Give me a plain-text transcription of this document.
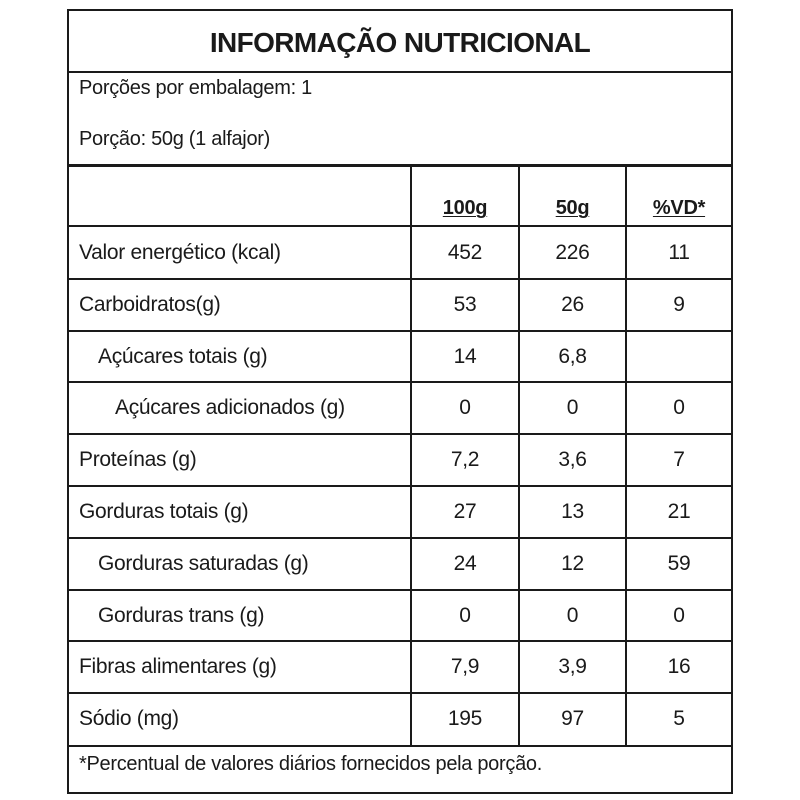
INFORMAÇÃO NUTRICIONAL
Porções por embalagem: 1
Porção: 50g (1 alfajor)
100g	50g	%VD*
Valor energético (kcal)	452	226	11
Carboidratos(g)	53	26	9
Açúcares totais (g)	14	6,8
Açúcares adicionados (g)	0	0	0
Proteínas (g)	7,2	3,6	7
Gorduras totais (g)	27	13	21
Gorduras saturadas (g)	24	12	59
Gorduras trans (g)	0	0	0
Fibras alimentares (g)	7,9	3,9	16
Sódio (mg)	195	97	5
*Percentual de valores diários fornecidos pela porção.
